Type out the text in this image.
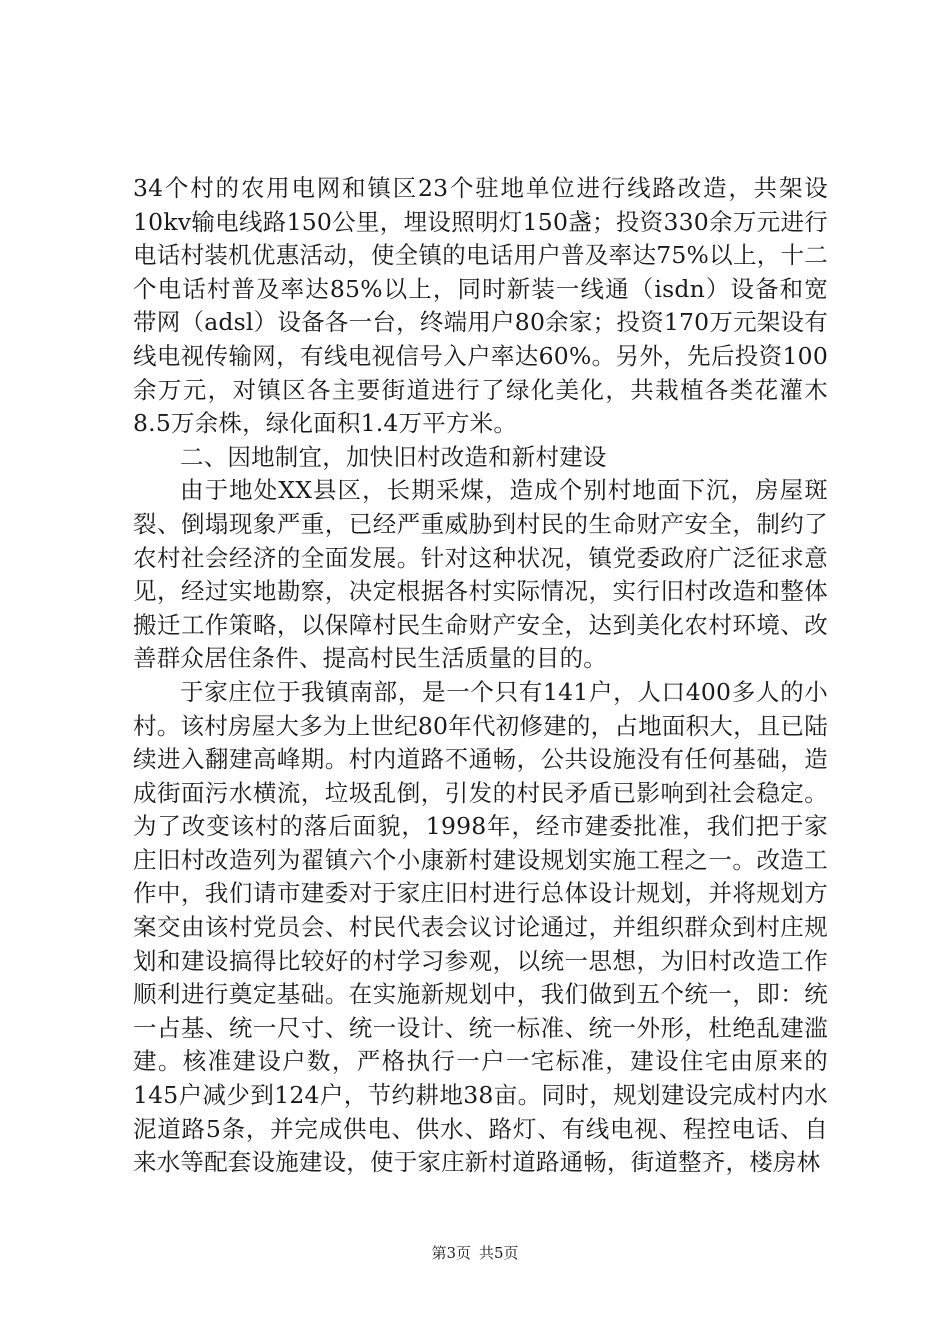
34个村的农用电网和镇区23个驻地单位进行线路改造，共架设10kv输电线路150公里，埋设照明灯150盏；投资330余万元进行电话村装机优惠活动，使全镇的电话用户普及率达75%以上，十二个电话村普及率达85%以上，同时新装一线通（isdn）设备和宽带网（adsl）设备各一台，终端用户80余家；投资170万元架设有线电视传输网，有线电视信号入户率达60%。另外，先后投资100余万元，对镇区各主要街道进行了绿化美化，共栽植各类花灌木8.5万余株，绿化面积1.4万平方米。

二、因地制宜，加快旧村改造和新村建设

由于地处XX县区，长期采煤，造成个别村地面下沉，房屋斑裂、倒塌现象严重，已经严重威胁到村民的生命财产安全，制约了农村社会经济的全面发展。针对这种状况，镇党委政府广泛征求意见，经过实地勘察，决定根据各村实际情况，实行旧村改造和整体搬迁工作策略，以保障村民生命财产安全，达到美化农村环境、改善群众居住条件、提高村民生活质量的目的。

于家庄位于我镇南部，是一个只有141户，人口400多人的小村。该村房屋大多为上世纪80年代初修建的，占地面积大，且已陆续进入翻建高峰期。村内道路不通畅，公共设施没有任何基础，造成街面污水横流，垃圾乱倒，引发的村民矛盾已影响到社会稳定。为了改变该村的落后面貌，1998年，经市建委批准，我们把于家庄旧村改造列为翟镇六个小康新村建设规划实施工程之一。改造工作中，我们请市建委对于家庄旧村进行总体设计规划，并将规划方案交由该村党员会、村民代表会议讨论通过，并组织群众到村庄规划和建设搞得比较好的村学习参观，以统一思想，为旧村改造工作顺利进行奠定基础。在实施新规划中，我们做到五个统一，即：统一占基、统一尺寸、统一设计、统一标准、统一外形，杜绝乱建滥建。核准建设户数，严格执行一户一宅标准，建设住宅由原来的145户减少到124户，节约耕地38亩。同时，规划建设完成村内水泥道路5条，并完成供电、供水、路灯、有线电视、程控电话、自来水等配套设施建设，使于家庄新村道路通畅，街道整齐，楼房林

第3页 共5页
